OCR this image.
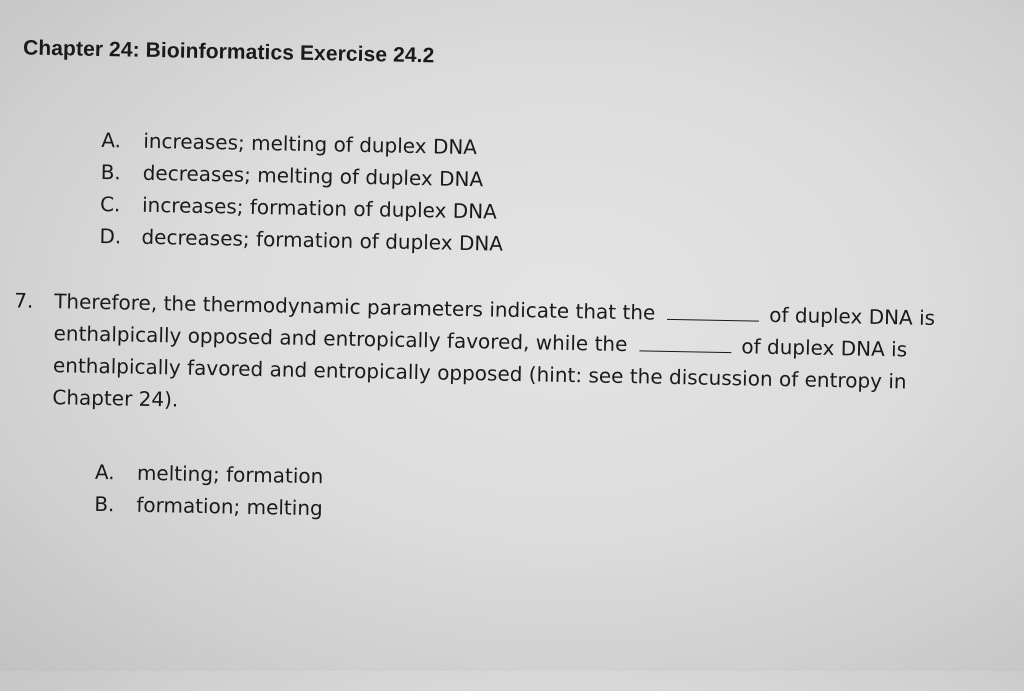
Chapter 24: Bioinformatics Exercise 24.2
A. increases; melting of duplex DNA
B. decreases; melting of duplex DNA
C. increases; formation of duplex DNA
D. decreases; formation of duplex DNA
7. Therefore, the thermodynamic parameters indicate that the	of duplex DNA is enthalpically opposed and entropically favored, while the	of duplex DNA is enthalpically favored and entropically opposed (hint: see the discussion of entropy in Chapter 24).
A. melting; formation
B. formation; melting
